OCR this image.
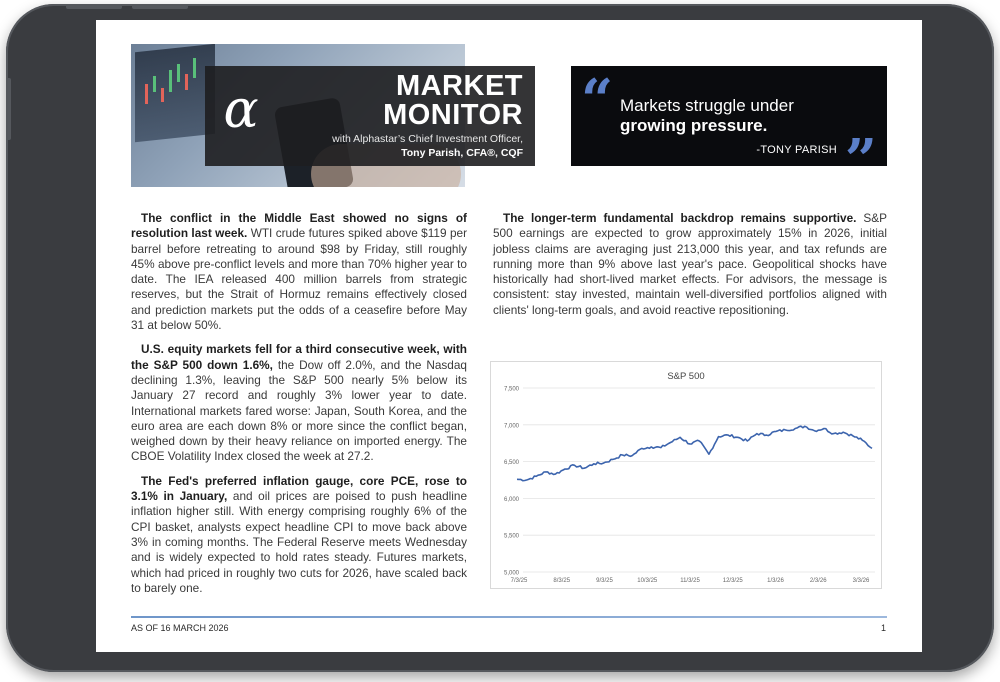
α	MARKET
MONITOR
with Alphastar’s Chief Investment Officer,
Tony Parish, CFA®, CQF
“ Markets struggle under
growing pressure.
-TONY PARISH ”

The conflict in the Middle East showed no signs of resolution last week. WTI crude futures spiked above $119 per barrel before retreating to around $98 by Friday, still roughly 45% above pre-conflict levels and more than 70% higher year to date. The IEA released 400 million barrels from strategic reserves, but the Strait of Hormuz remains effectively closed and prediction markets put the odds of a ceasefire before May 31 at below 50%.

U.S. equity markets fell for a third consecutive week, with the S&P 500 down 1.6%, the Dow off 2.0%, and the Nasdaq declining 1.3%, leaving the S&P 500 nearly 5% below its January 27 record and roughly 3% lower year to date. International markets fared worse: Japan, South Korea, and the euro area are each down 8% or more since the conflict began, weighed down by their heavy reliance on imported energy. The CBOE Volatility Index closed the week at 27.2.

The Fed's preferred inflation gauge, core PCE, rose to 3.1% in January, and oil prices are poised to push headline inflation higher still. With energy comprising roughly 6% of the CPI basket, analysts expect headline CPI to move back above 3% in coming months. The Federal Reserve meets Wednesday and is widely expected to hold rates steady. Futures markets, which had priced in roughly two cuts for 2026, have scaled back to barely one.

The longer-term fundamental backdrop remains supportive. S&P 500 earnings are expected to grow approximately 15% in 2026, initial jobless claims are averaging just 213,000 this year, and tax refunds are running more than 9% above last year's pace. Geopolitical shocks have historically had short-lived market effects. For advisors, the message is consistent: stay invested, maintain well-diversified portfolios aligned with clients' long-term goals, and avoid reactive repositioning.

S&P 500
5,000
5,500
6,000
6,500
7,000
7,500
7/3/25	8/3/25	9/3/25	10/3/25	11/3/25	12/3/25	1/3/26	2/3/26	3/3/26
AS OF 16 MARCH 2026	1
